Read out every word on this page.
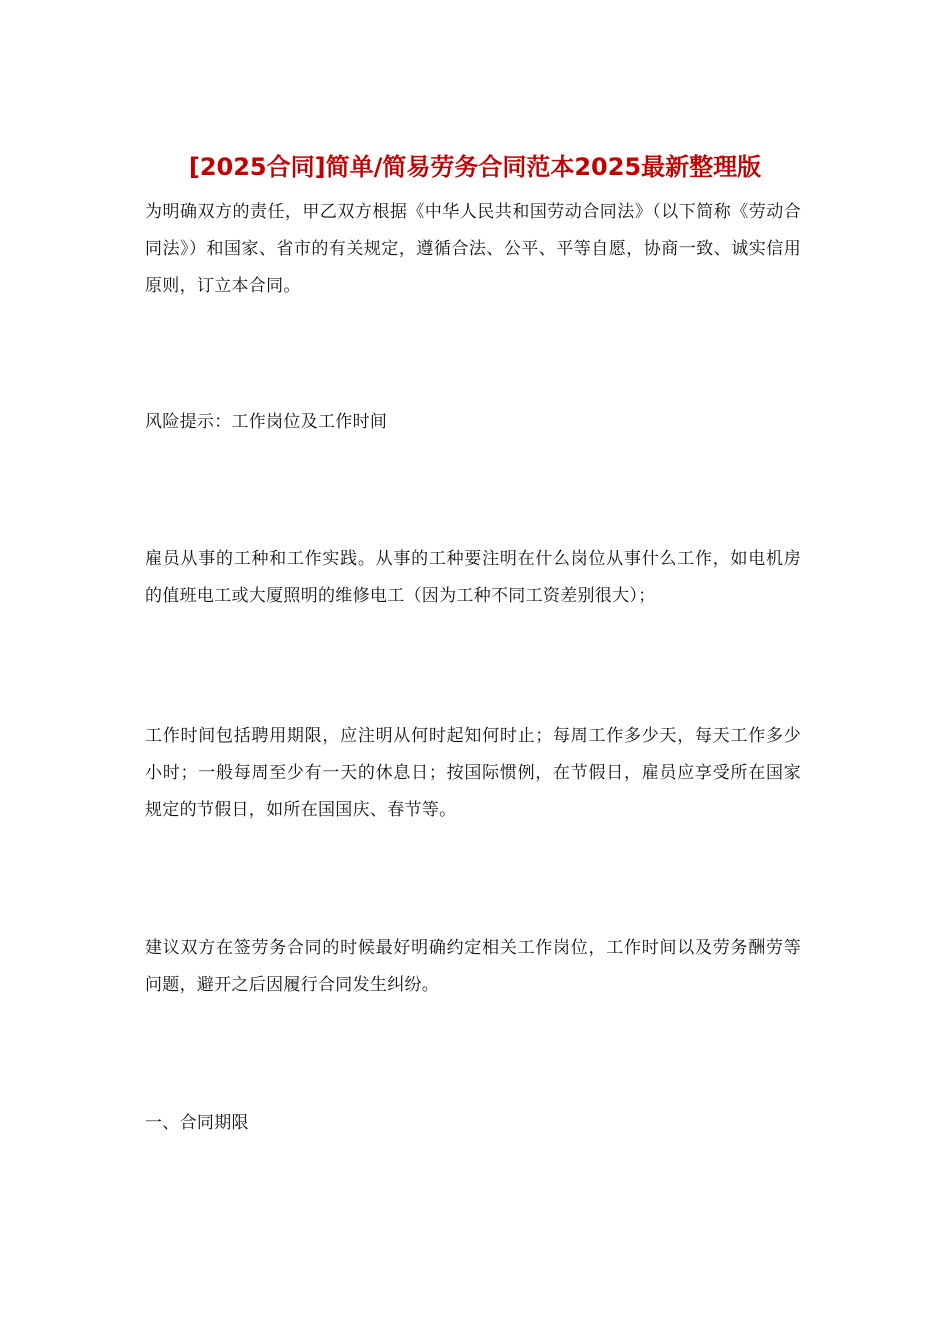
[2025合同]简单/简易劳务合同范本2025最新整理版

为明确双方的责任，甲乙双方根据《中华人民共和国劳动合同法》（以下简称《劳动合同法》）和国家、省市的有关规定，遵循合法、公平、平等自愿，协商一致、诚实信用原则，订立本合同。

风险提示：工作岗位及工作时间

雇员从事的工种和工作实践。从事的工种要注明在什么岗位从事什么工作，如电机房的值班电工或大厦照明的维修电工（因为工种不同工资差别很大）；

工作时间包括聘用期限，应注明从何时起知何时止；每周工作多少天，每天工作多少小时；一般每周至少有一天的休息日；按国际惯例，在节假日，雇员应享受所在国家规定的节假日，如所在国国庆、春节等。

建议双方在签劳务合同的时候最好明确约定相关工作岗位，工作时间以及劳务酬劳等问题，避开之后因履行合同发生纠纷。

一、合同期限
